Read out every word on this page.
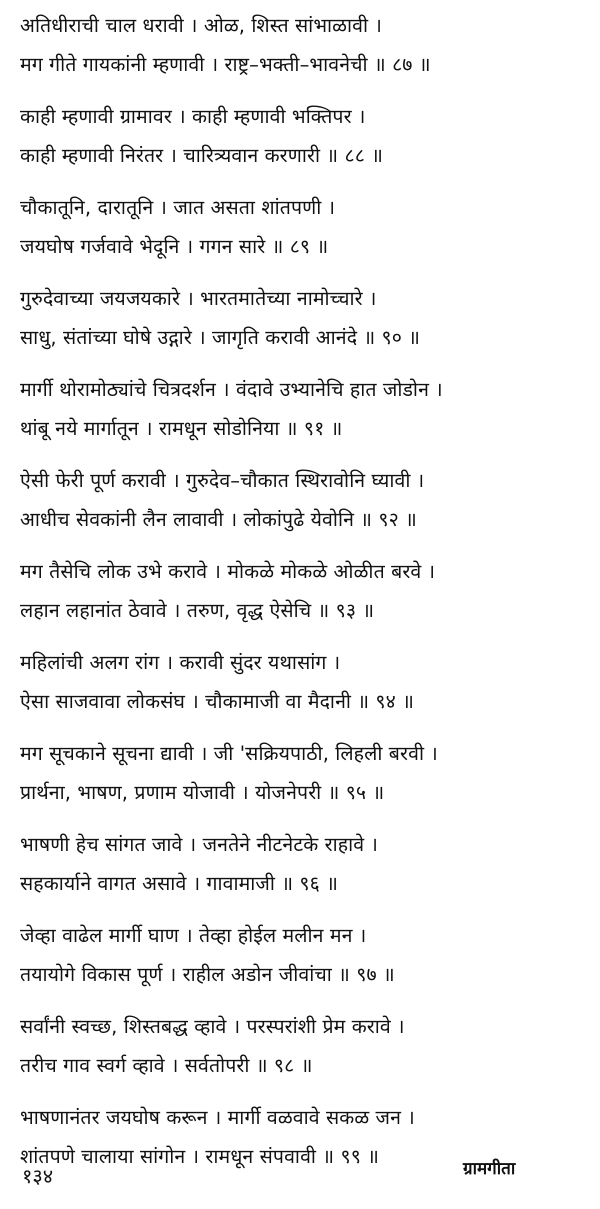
अतिधीराची चाल धरावी । ओळ, शिस्त सांभाळावी ।
मग गीते गायकांनी म्हणावी । राष्ट्र–भक्ती–भावनेची ॥ ८७ ॥
काही म्हणावी ग्रामावर । काही म्हणावी भक्तिपर ।
काही म्हणावी निरंतर । चारित्र्यवान करणारी ॥ ८८ ॥
चौकातूनि, दारातूनि । जात असता शांतपणी ।
जयघोष गर्जवावे भेदूनि । गगन सारे ॥ ८९ ॥
गुरुदेवाच्या जयजयकारे । भारतमातेच्या नामोच्चारे ।
साधु, संतांच्या घोषे उद्गारे । जागृति करावी आनंदे ॥ ९० ॥
मार्गी थोरामोठ्यांचे चित्रदर्शन । वंदावे उभ्यानेचि हात जोडोन ।
थांबू नये मार्गातून । रामधून सोडोनिया ॥ ९१ ॥
ऐसी फेरी पूर्ण करावी । गुरुदेव–चौकात स्थिरावोनि घ्यावी ।
आधीच सेवकांनी लैन लावावी । लोकांपुढे येवोनि ॥ ९२ ॥
मग तैसेचि लोक उभे करावे । मोकळे मोकळे ओळीत बरवे ।
लहान लहानांत ठेवावे । तरुण, वृद्ध ऐसेचि ॥ ९३ ॥
महिलांची अलग रांग । करावी सुंदर यथासांग ।
ऐसा साजवावा लोकसंघ । चौकामाजी वा मैदानी ॥ ९४ ॥
मग सूचकाने सूचना द्यावी । जी 'सक्रियपाठी, लिहली बरवी ।
प्रार्थना, भाषण, प्रणाम योजावी । योजनेपरी ॥ ९५ ॥
भाषणी हेच सांगत जावे । जनतेने नीटनेटके राहावे ।
सहकार्याने वागत असावे । गावामाजी ॥ ९६ ॥
जेव्हा वाढेल मार्गी घाण । तेव्हा होईल मलीन मन ।
तयायोगे विकास पूर्ण । राहील अडोन जीवांचा ॥ ९७ ॥
सर्वांनी स्वच्छ, शिस्तबद्ध व्हावे । परस्परांशी प्रेम करावे ।
तरीच गाव स्वर्ग व्हावे । सर्वतोपरी ॥ ९८ ॥
भाषणानंतर जयघोष करून । मार्गी वळवावे सकळ जन ।
शांतपणे चालाया सांगोन । रामधून संपवावी ॥ ९९ ॥
१३४	ग्रामगीता
